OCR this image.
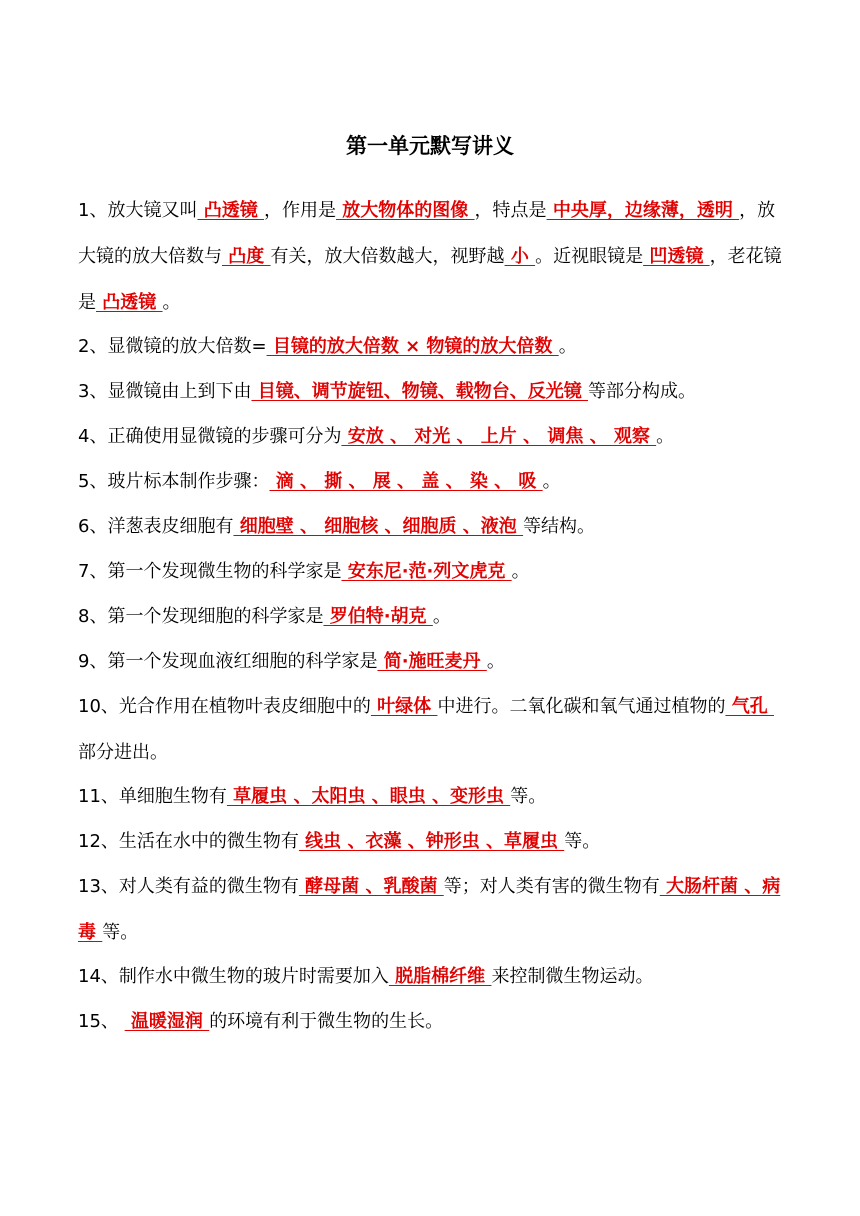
第一单元默写讲义

1、放大镜又叫 凸透镜 ，作用是 放大物体的图像 ，特点是 中央厚，边缘薄，透明 ，放大镜的放大倍数与 凸度 有关，放大倍数越大，视野越 小 。近视眼镜是 凹透镜 ，老花镜是 凸透镜 。

2、显微镜的放大倍数= 目镜的放大倍数 × 物镜的放大倍数 。

3、显微镜由上到下由 目镜、调节旋钮、物镜、载物台、反光镜 等部分构成。

4、正确使用显微镜的步骤可分为 安放 、 对光 、 上片 、 调焦 、 观察 。

5、玻片标本制作步骤： 滴 、 撕 、 展 、 盖 、 染 、 吸 。

6、洋葱表皮细胞有 细胞壁 、 细胞核 、细胞质 、液泡 等结构。

7、第一个发现微生物的科学家是 安东尼·范·列文虎克 。

8、第一个发现细胞的科学家是 罗伯特·胡克 。

9、第一个发现血液红细胞的科学家是 简·施旺麦丹 。

10、光合作用在植物叶表皮细胞中的 叶绿体 中进行。二氧化碳和氧气通过植物的 气孔 部分进出。

11、单细胞生物有 草履虫 、太阳虫 、眼虫 、变形虫 等。

12、生活在水中的微生物有 线虫 、衣藻 、钟形虫 、草履虫 等。

13、对人类有益的微生物有 酵母菌 、乳酸菌 等；对人类有害的微生物有 大肠杆菌 、病毒 等。

14、制作水中微生物的玻片时需要加入 脱脂棉纤维 来控制微生物运动。

15、  温暖湿润 的环境有利于微生物的生长。
